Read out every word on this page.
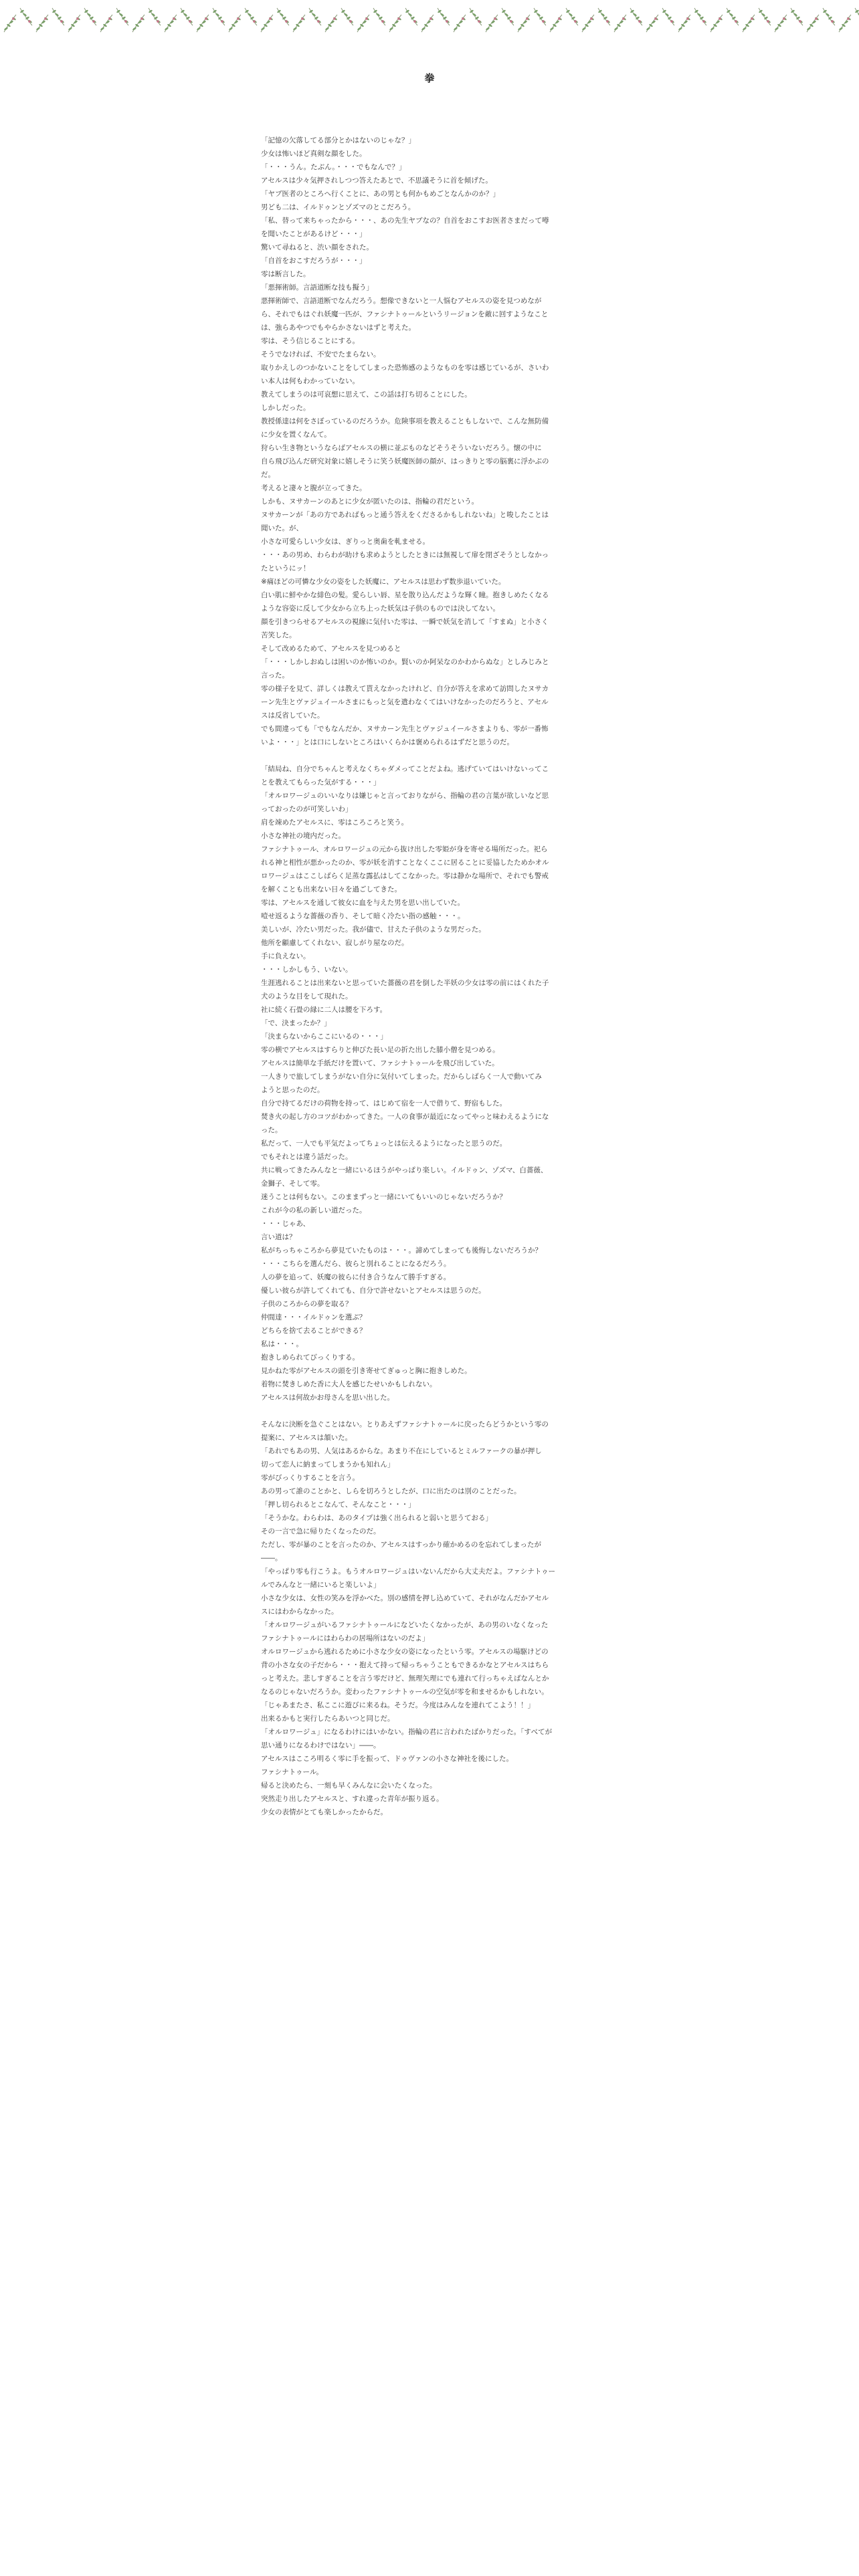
拳
「記憶の欠落してる部分とかはないのじゃな？」
少女は怖いほど真剣な顔をした。
「・・・うん。たぶん。・・・でもなんで？」
アセルスは少々気押されしつつ答えたあとで、不思議そうに首を傾げた。
「ヤブ医者のところへ行くことに、あの男とも何かもめごとなんかのか？」
男ども二は、イルドゥンとゾズマのとこだろう。
「私、替って来ちゃったから・・・、あの先生ヤブなの？自首をおこすお医者さまだって噂
を聞いたことがあるけど・・・」
驚いて尋ねると、渋い顔をされた。
「自首をおこすだろうが・・・」
零は断言した。
「悪揮術師。言語道断な技も擬う」
悪揮術師で、言語道断でなんだろう。想像できないと一人悩むアセルスの姿を見つめなが
ら、それでもはぐれ妖魔一匹が、ファシナトゥールというリージョンを敵に回すようなこと
は、強らあやつでもやらかさないはずと考えた。
零は、そう信じることにする。
そうでなければ、不安でたまらない。
取りかえしのつかないことをしてしまった恐怖感のようなものを零は感じているが、さいわ
い本人は何もわかっていない。
教えてしまうのは可哀想に思えて、この話は打ち切ることにした。
しかしだった。
教授係達は何をさぼっているのだろうか。危険事項を教えることもしないで、こんな無防備
に少女を置くなんて。
狩らい生き物というならばアセルスの横に並ぶものなどそうそういないだろう。懐の中に
自ら飛び込んだ研究対象に嬉しそうに笑う妖魔医師の顔が、はっきりと零の脳裏に浮かぶの
だ。
考えると凄々と腹が立ってきた。
しかも、ヌサカーンのあとに少女が匿いたのは、指輪の君だという。
ヌサカーンが「あの方であればもっと通う答えをくださるかもしれないね」と唆したことは
聞いた。が、
小さな可愛らしい少女は、ぎりっと奥歯を軋ませる。
・・・あの男め、わらわが助けも求めようとしたときには無視して扉を閉ざそうとしなかっ
たというにッ！
※痛ほどの可憐な少女の姿をした妖魔に、アセルスは思わず数歩退いていた。
白い肌に鮮やかな緋色の髪。愛らしい唇、星を散り込んだような輝く瞳。抱きしめたくなる
ような容姿に反して少女から立ち上った妖気は子供のものでは決してない。
顔を引きつらせるアセルスの視線に気付いた零は、一瞬で妖気を消して「すまぬ」と小さく
苦笑した。
そして改めるためて、アセルスを見つめると
「・・・しかしおぬしは困いのか怖いのか。賢いのか阿呆なのかわからぬな」としみじみと
言った。
零の様子を見て、詳しくは教えて貰えなかったけれど、自分が答えを求めて訪問したヌサカ
ーン先生とヴァジュイールさまにもっと気を遣わなくてはいけなかったのだろうと、アセル
スは反省していた。
でも間違っても「でもなんだか、ヌサカーン先生とヴァジュイールさまよりも、零が一番怖
いよ・・・」とは口にしないところはいくらかは褒められるはずだと思うのだ。
「結局ね、自分でちゃんと考えなくちゃダメってことだよね。逃げていてはいけないってこ
とを教えてもらった気がする・・・」
「オルロワージュのいいなりは嫌じゃと言っておりながら、指輪の君の言葉が欲しいなど思
っておったのが可笑しいわ」
肩を竦めたアセルスに、零はころころと笑う。
小さな神社の境内だった。
ファシナトゥール、オルロワージュの元から抜け出した零姫が身を寄せる場所だった。祀ら
れる神と相性が悪かったのか、零が妖を消すことなくここに居ることに妥協したためかオル
ロワージュはここしばらく足蒸な露払はしてこなかった。零は静かな場所で、それでも警戒
を解くことも出来ない日々を過ごしてきた。
零は、アセルスを通して彼女に血を与えた男を思い出していた。
噎せ返るような薔薇の香り、そして暗く冷たい指の感触・・・。
美しいが、冷たい男だった。我が儘で、甘えた子供のような男だった。
他所を顧慮してくれない、寂しがり屋なのだ。
手に負えない。
・・・しかしもう、いない。
生涯逃れることは出来ないと思っていた薔薇の君を倒した半妖の少女は零の前にはくれた子
犬のような目をして現れた。
社に続く石畳の縁に二人は腰を下ろす。
「で、決まったか？」
「決まらないからここにいるの・・・」
零の横でアセルスはすらりと伸びた長い足の折た出した膝小僧を見つめる。
アセルスは簡単な手紙だけを置いて、ファシナトゥールを飛び出していた。
一人きりで旅してしまうがない自分に気付いてしまった。だからしばらく一人で動いてみ
ようと思ったのだ。
自分で持てるだけの荷物を持って、はじめて宿を一人で借りて、野宿もした。
焚き火の起し方のコツがわかってきた。一人の食事が最近になってやっと味わえるようにな
った。
私だって、一人でも平気だよってちょっとは伝えるようになったと思うのだ。
でもそれとは違う話だった。
共に戦ってきたみんなと一緒にいるほうがやっぱり楽しい。イルドゥン、ゾズマ、白薔薇、
金獅子、そして零。
迷うことは何もない。このままずっと一緒にいてもいいのじゃないだろうか？
これが今の私の新しい道だった。
・・・じゃあ、
言い道は？
私がちっちゃころから夢見ていたものは・・・。諦めてしまっても後悔しないだろうか？
・・・こちらを選んだら、彼らと別れることになるだろう。
人の夢を追って、妖魔の彼らに付き合うなんて勝手すぎる。
優しい彼らが許してくれても、自分で許せないとアセルスは思うのだ。
子供のころからの夢を取る？
仲間達・・・イルドゥンを選ぶ？
どちらを捨て去ることができる？
私は・・・。
抱きしめられてびっくりする。
見かねた零がアセルスの頭を引き寄せてぎゅっと胸に抱きしめた。
着物に焚きしめた香に大人を感じたせいかもしれない。
アセルスは何故かお母さんを思い出した。
そんなに決断を急ぐことはない。とりあえずファシナトゥールに戻ったらどうかという零の
提案に、アセルスは頷いた。
「あれでもあの男、人気はあるからな。あまり不在にしているとミルファークの暴が押し
切って恋人に納まってしまうかも知れん」
零がびっくりすることを言う。
あの男って誰のことかと、しらを切ろうとしたが、口に出たのは別のことだった。
「押し切られるとこなんて、そんなこと・・・」
「そうかな。わらわは、あのタイプは強く出られると弱いと思うておる」
その一言で急に帰りたくなったのだ。
ただし、零が暴のことを言ったのか、アセルスはすっかり確かめるのを忘れてしまったが
――。
「やっぱり零も行こうよ。もうオルロワージュはいないんだから大丈夫だよ。ファシナトゥー
ルでみんなと一緒にいると楽しいよ」
小さな少女は、女性の笑みを浮かべた。別の感情を押し込めていて、それがなんだかアセル
スにはわからなかった。
「オルロワージュがいるファシナトゥールになどいたくなかったが、あの男のいなくなった
ファシナトゥールにはわらわの居場所はないのだよ」
オルロワージュから逃れるために小さな少女の姿になったという零。アセルスの場駆けどの
背の小さな女の子だから・・・抱えて持って帰っちゃうこともできるかなとアセルスはちら
っと考えた。悲しすぎることを言う零だけど、無理矢理にでも連れて行っちゃえばなんとか
なるのじゃないだろうか。変わったファシナトゥールの空気が零を和ませるかもしれない。
「じゃあまたさ、私ここに遊びに来るね。そうだ。今度はみんなを連れてこよう！！」
出来るかもと実行したらあいつと同じだ。
「オルロワージュ」になるわけにはいかない。指輪の君に言われたばかりだった。「すべてが
思い通りになるわけではない」――。
アセルスはこころ明るく零に手を振って、ドゥヴァンの小さな神社を後にした。
ファシナトゥール。
帰ると決めたら、一刻も早くみんなに会いたくなった。
突然走り出したアセルスと、すれ違った青年が振り返る。
少女の表情がとても楽しかったからだ。
